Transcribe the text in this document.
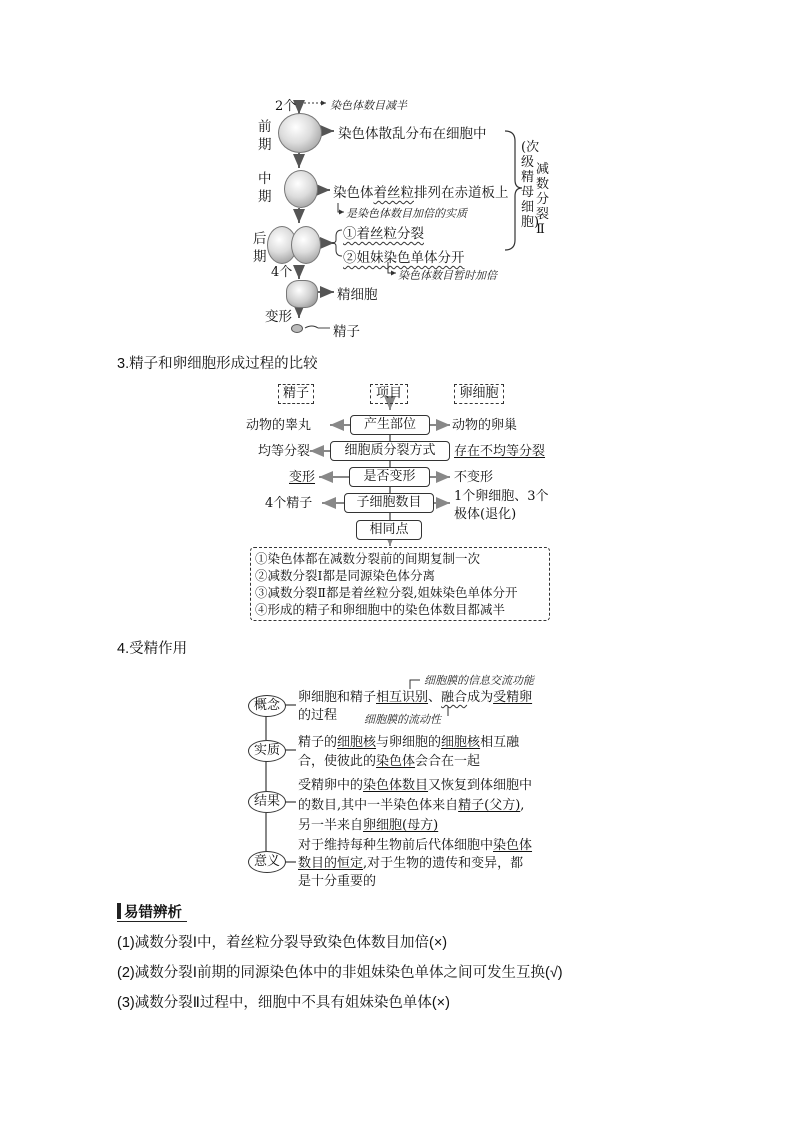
2个	染色体数目减半
前
期
染色体散乱分布在细胞中
中
期	染色体着丝粒排列在赤道板上
是染色体数目加倍的实质
后
期
4个
①着丝粒分裂
②姐妹染色单体分开
染色体数目暂时加倍
精细胞
变形
精子
(次级精母细胞)
减数分裂Ⅱ
3.精子和卵细胞形成过程的比较
精子	项目	卵细胞
产生部位
动物的睾丸	动物的卵巢
细胞质分裂方式
均等分裂	存在不均等分裂
是否变形
变形	不变形
子细胞数目
4个精子	1个卵细胞、3个
极体(退化)
相同点
①染色体都在减数分裂前的间期复制一次
②减数分裂Ⅰ都是同源染色体分离
③减数分裂Ⅱ都是着丝粒分裂,姐妹染色单体分开
④形成的精子和卵细胞中的染色体数目都减半
4.受精作用
细胞膜的信息交流功能
细胞膜的流动性
概念
卵细胞和精子相互识别、融合成为受精卵
的过程
实质
精子的细胞核与卵细胞的细胞核相互融
合，使彼此的染色体会合在一起
结果
受精卵中的染色体数目又恢复到体细胞中
的数目,其中一半染色体来自精子(父方),
另一半来自卵细胞(母方)
意义
对于维持每种生物前后代体细胞中染色体
数目的恒定,对于生物的遗传和变异，都
是十分重要的
易错辨析
(1)减数分裂Ⅰ中，着丝粒分裂导致染色体数目加倍(×)
(2)减数分裂Ⅰ前期的同源染色体中的非姐妹染色单体之间可发生互换(√)
(3)减数分裂Ⅱ过程中，细胞中不具有姐妹染色单体(×)
